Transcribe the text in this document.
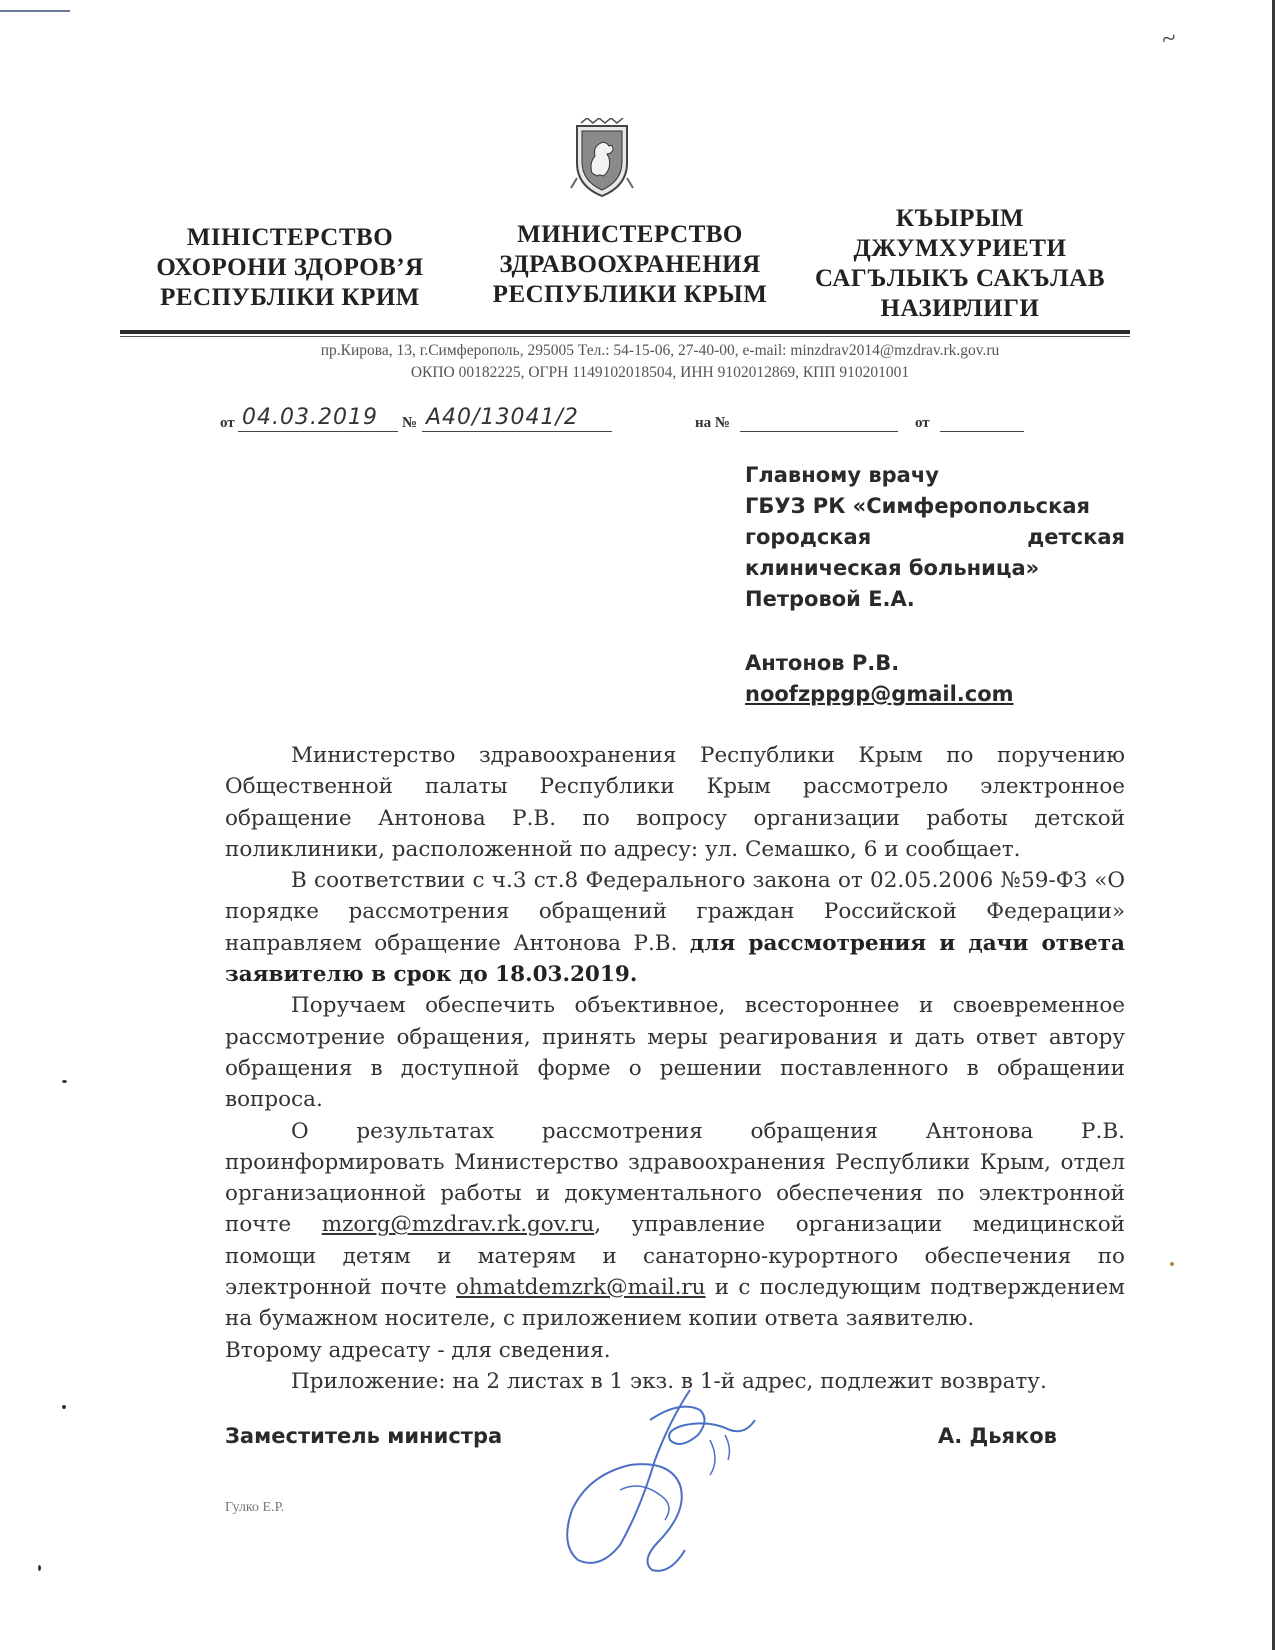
~
МІНІСТЕРСТВО
ОХОРОНИ ЗДОРОВ’Я
РЕСПУБЛІКИ КРИМ
МИНИСТЕРСТВО
ЗДРАВООХРАНЕНИЯ
РЕСПУБЛИКИ КРЫМ
КЪЫРЫМ
ДЖУМХУРИЕТИ
САГЪЛЫКЪ САКЪЛАВ
НАЗИРЛИГИ
пр.Кирова, 13, г.Симферополь, 295005 Тел.: 54-15-06, 27-40-00, e-mail: minzdrav2014@mzdrav.rk.gov.ru
ОКПО 00182225, ОГРН 1149102018504, ИНН 9102012869, КПП 910201001
от 04.03.2019 № А40/13041/2	на №	от
Главному врачу
ГБУЗ РК «Симферопольская
городская	детская
клиническая больница»
Петровой Е.А.
Антонов Р.В.
noofzppgp@gmail.com

Министерство здравоохранения Республики Крым по поручению Общественной палаты Республики Крым рассмотрело электронное обращение Антонова Р.В. по вопросу организации работы детской поликлиники, расположенной по адресу: ул. Семашко, 6 и сообщает.

В соответствии с ч.3 ст.8 Федерального закона от 02.05.2006 №59-ФЗ «О порядке рассмотрения обращений граждан Российской Федерации» направляем обращение Антонова Р.В. для рассмотрения и дачи ответа заявителю в срок до 18.03.2019.

Поручаем обеспечить объективное, всестороннее и своевременное рассмотрение обращения, принять меры реагирования и дать ответ автору обращения в доступной форме о решении поставленного в обращении вопроса.

О результатах рассмотрения обращения Антонова Р.В. проинформировать Министерство здравоохранения Республики Крым, отдел организационной работы и документального обеспечения по электронной почте mzorg@mzdrav.rk.gov.ru, управление организации медицинской помощи детям и матерям и санаторно-курортного обеспечения по электронной почте ohmatdemzrk@mail.ru и с последующим подтверждением на бумажном носителе, с приложением копии ответа заявителю.

Второму адресату - для сведения.

Приложение: на 2 листах в 1 экз. в 1-й адрес, подлежит возврату.

Заместитель министра	А. Дьяков
Гулко Е.Р.
